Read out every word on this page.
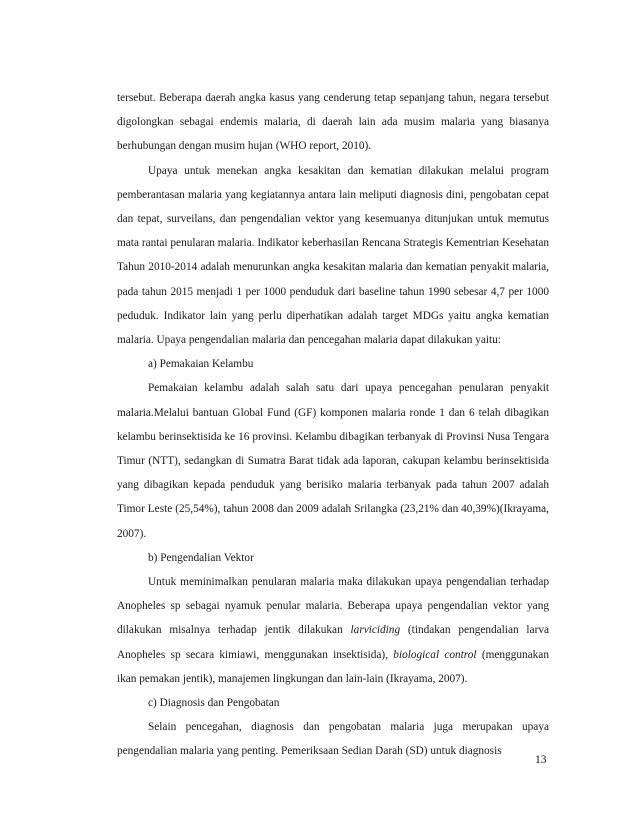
tersebut. Beberapa daerah angka kasus yang cenderung tetap sepanjang tahun, negara tersebut digolongkan sebagai endemis malaria, di daerah lain ada musim malaria yang biasanya berhubungan dengan musim hujan (WHO report, 2010).

Upaya untuk menekan angka kesakitan dan kematian dilakukan melalui program pemberantasan malaria yang kegiatannya antara lain meliputi diagnosis dini, pengobatan cepat dan tepat, surveilans, dan pengendalian vektor yang kesemuanya ditunjukan untuk memutus mata rantai penularan malaria. Indikator keberhasilan Rencana Strategis Kementrian Kesehatan Tahun 2010-2014 adalah menurunkan angka kesakitan malaria dan kematian penyakit malaria, pada tahun 2015 menjadi 1 per 1000 penduduk dari baseline tahun 1990 sebesar 4,7 per 1000 peduduk. Indikator lain yang perlu diperhatikan adalah target MDGs yaitu angka kematian malaria. Upaya pengendalian malaria dan pencegahan malaria dapat dilakukan yaitu:

a) Pemakaian Kelambu

Pemakaian kelambu adalah salah satu dari upaya pencegahan penularan penyakit malaria.Melalui bantuan Global Fund (GF) komponen malaria ronde 1 dan 6 telah dibagikan kelambu berinsektisida ke 16 provinsi. Kelambu dibagikan terbanyak di Provinsi Nusa Tengara Timur (NTT), sedangkan di Sumatra Barat tidak ada laporan, cakupan kelambu berinsektisida yang dibagikan kepada penduduk yang berisiko malaria terbanyak pada tahun 2007 adalah Timor Leste (25,54%), tahun 2008 dan 2009 adalah Srilangka (23,21% dan 40,39%)(Ikrayama, 2007).

b) Pengendalian Vektor

Untuk meminimalkan penularan malaria maka dilakukan upaya pengendalian terhadap Anopheles sp sebagai nyamuk penular malaria. Beberapa upaya pengendalian vektor yang dilakukan misalnya terhadap jentik dilakukan larviciding (tindakan pengendalian larva Anopheles sp secara kimiawi, menggunakan insektisida), biological control (menggunakan ikan pemakan jentik), manajemen lingkungan dan lain-lain (Ikrayama, 2007).

c) Diagnosis dan Pengobatan

Selain pencegahan, diagnosis dan pengobatan malaria juga merupakan upaya pengendalian malaria yang penting. Pemeriksaan Sedian Darah (SD) untuk diagnosis

13
